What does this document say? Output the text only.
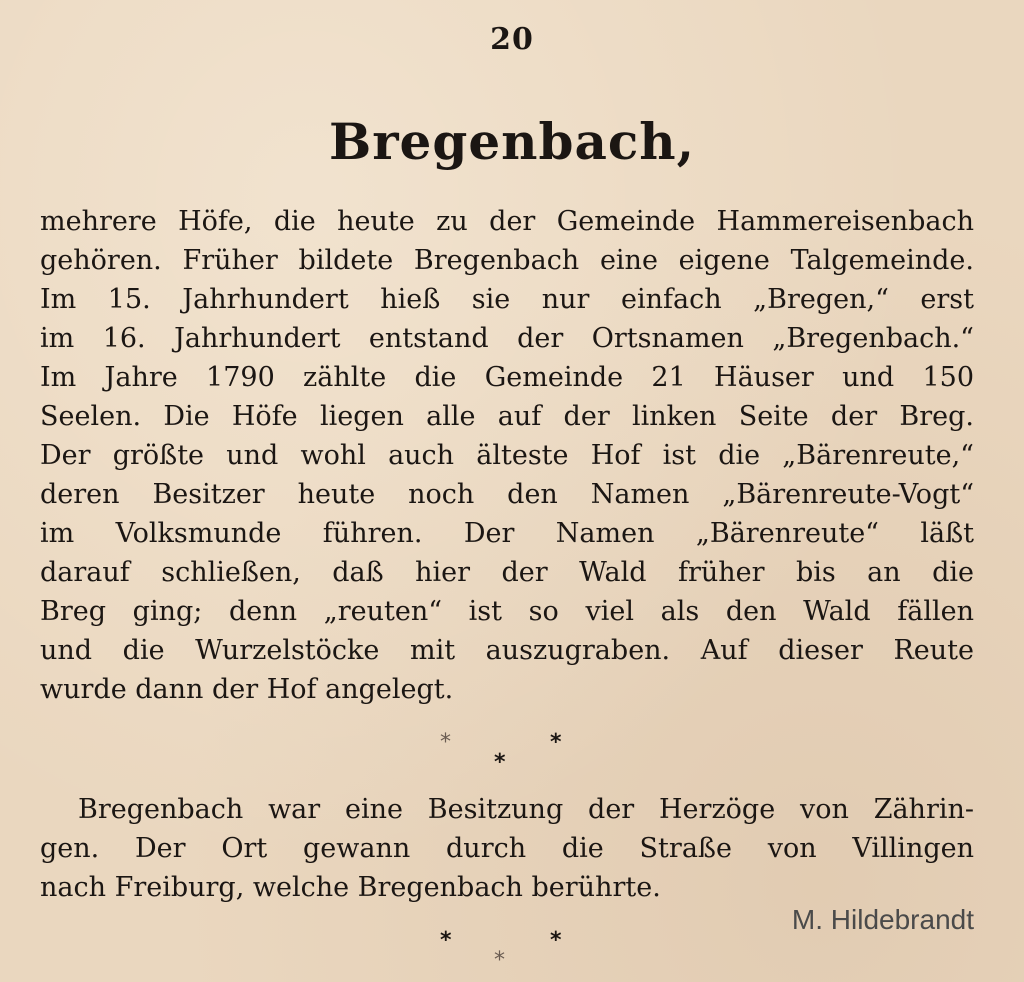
20
Bregenbach,
mehrere Höfe, die heute zu der Gemeinde Hammereisenbach
gehören. Früher bildete Bregenbach eine eigene Talgemeinde.
Im 15. Jahrhundert hieß sie nur einfach „Bregen,“ erst
im 16. Jahrhundert entstand der Ortsnamen „Bregenbach.“
Im Jahre 1790 zählte die Gemeinde 21 Häuser und 150
Seelen. Die Höfe liegen alle auf der linken Seite der Breg.
Der größte und wohl auch älteste Hof ist die „Bärenreute,“
deren Besitzer heute noch den Namen „Bärenreute-Vogt“
im Volksmunde führen. Der Namen „Bärenreute“ läßt
darauf schließen, daß hier der Wald früher bis an die
Breg ging; denn „reuten“ ist so viel als den Wald fällen
und die Wurzelstöcke mit auszugraben. Auf dieser Reute
wurde dann der Hof angelegt.
*	*
*
Bregenbach war eine Besitzung der Herzöge von Zährin-
gen. Der Ort gewann durch die Straße von Villingen
nach Freiburg, welche Bregenbach berührte.
M. Hildebrandt
*	*
*
